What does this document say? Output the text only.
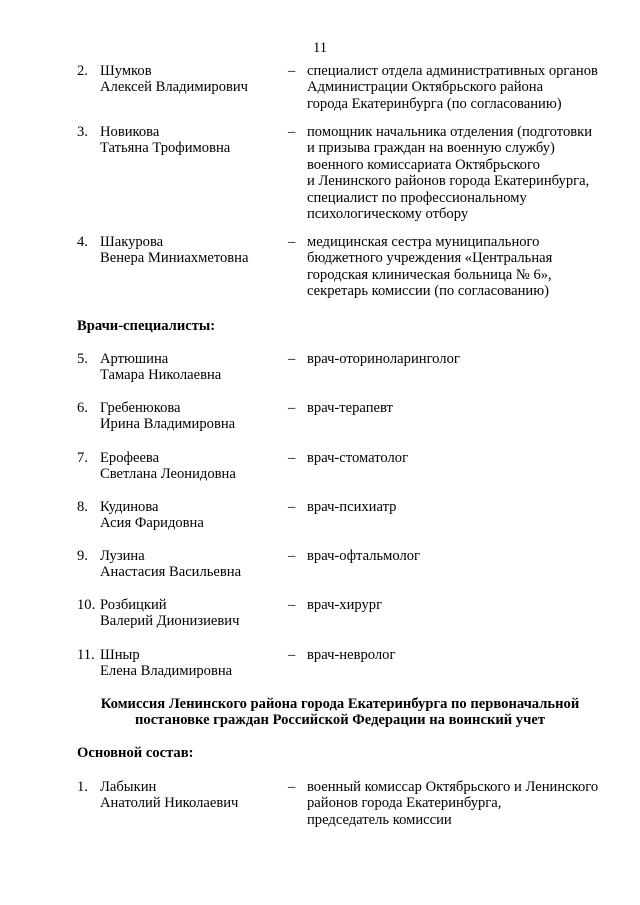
11
2. Шумков
Алексей Владимирович
– специалист отдела административных органов
Администрации Октябрьского района
города Екатеринбурга (по согласованию)
3. Новикова
Татьяна Трофимовна
– помощник начальника отделения (подготовки
и призыва граждан на военную службу)
военного комиссариата Октябрьского
и Ленинского районов города Екатеринбурга,
специалист по профессиональному
психологическому отбору
4. Шакурова
Венера Миниахметовна
– медицинская сестра муниципального
бюджетного учреждения «Центральная
городская клиническая больница № 6»,
секретарь комиссии (по согласованию)
Врачи-специалисты:
5. Артюшина
Тамара Николаевна
– врач-оториноларинголог
6. Гребенюкова
Ирина Владимировна
– врач-терапевт
7. Ерофеева
Светлана Леонидовна
– врач-стоматолог
8. Кудинова
Асия Фаридовна
– врач-психиатр
9. Лузина
Анастасия Васильевна
– врач-офтальмолог
10. Розбицкий
Валерий Дионизиевич
– врач-хирург
11. Шныр
Елена Владимировна
– врач-невролог
Комиссия Ленинского района города Екатеринбурга по первоначальной
постановке граждан Российской Федерации на воинский учет
Основной состав:
1. Лабыкин
Анатолий Николаевич
– военный комиссар Октябрьского и Ленинского
районов города Екатеринбурга,
председатель комиссии
